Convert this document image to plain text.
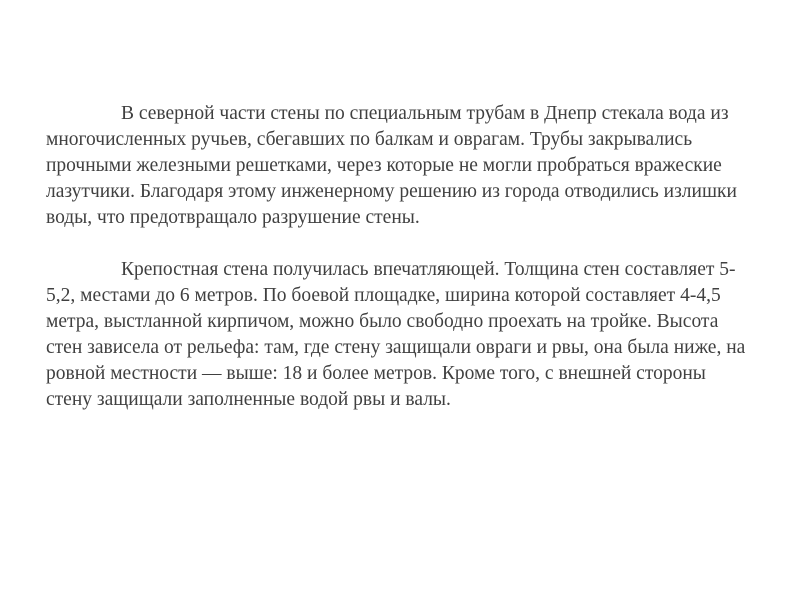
В северной части стены по специальным трубам в Днепр стекала вода из многочисленных ручьев, сбегавших по балкам и оврагам. Трубы закрывались прочными железными решетками, через которые не могли пробраться вражеские лазутчики. Благодаря этому инженерному решению из города отводились излишки воды, что предотвращало разрушение стены.

Крепостная стена получилась впечатляющей. Толщина стен составляет 5-5,2, местами до 6 метров. По боевой площадке, ширина которой составляет 4-4,5 метра, выстланной кирпичом, можно было свободно проехать на тройке. Высота стен зависела от рельефа: там, где стену защищали овраги и рвы, она была ниже, на ровной местности — выше: 18 и более метров. Кроме того, с внешней стороны стену защищали заполненные водой рвы и валы.
